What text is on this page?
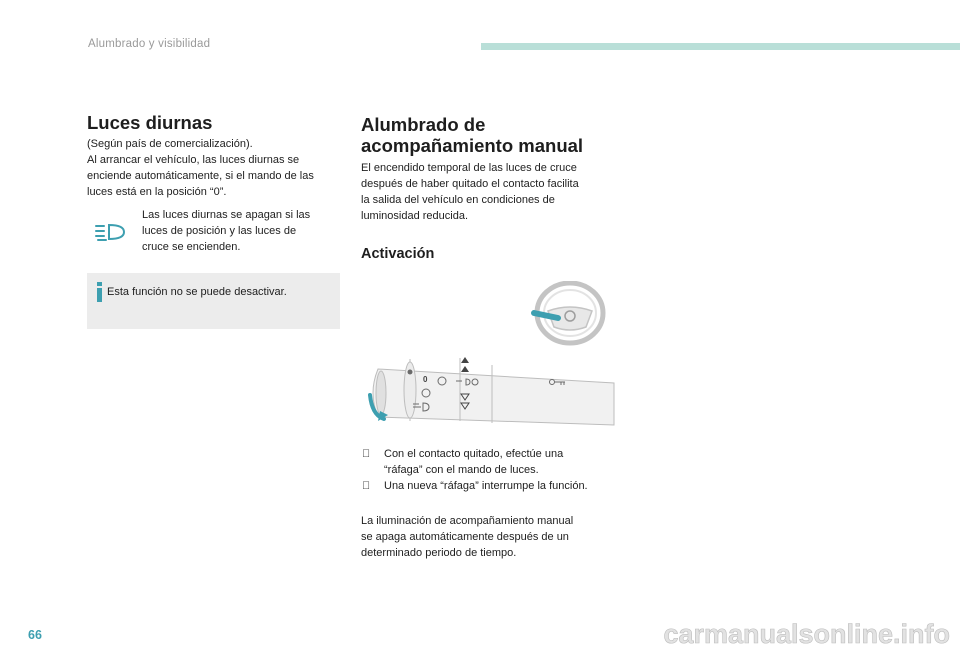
Alumbrado y visibilidad
Luces diurnas
(Según país de comercialización).
Al arrancar el vehículo, las luces diurnas se
enciende automáticamente, si el mando de las
luces está en la posición “0”.
Las luces diurnas se apagan si las
luces de posición y las luces de
cruce se encienden.
Esta función no se puede desactivar.
Alumbrado de
acompañamiento manual
El encendido temporal de las luces de cruce
después de haber quitado el contacto facilita
la salida del vehículo en condiciones de
luminosidad reducida.
Activación
0
Con el contacto quitado, efectúe una
“ráfaga” con el mando de luces.
Una nueva “ráfaga” interrumpe la función.
La iluminación de acompañamiento manual
se apaga automáticamente después de un
determinado periodo de tiempo.
66	carmanualsonline.info
